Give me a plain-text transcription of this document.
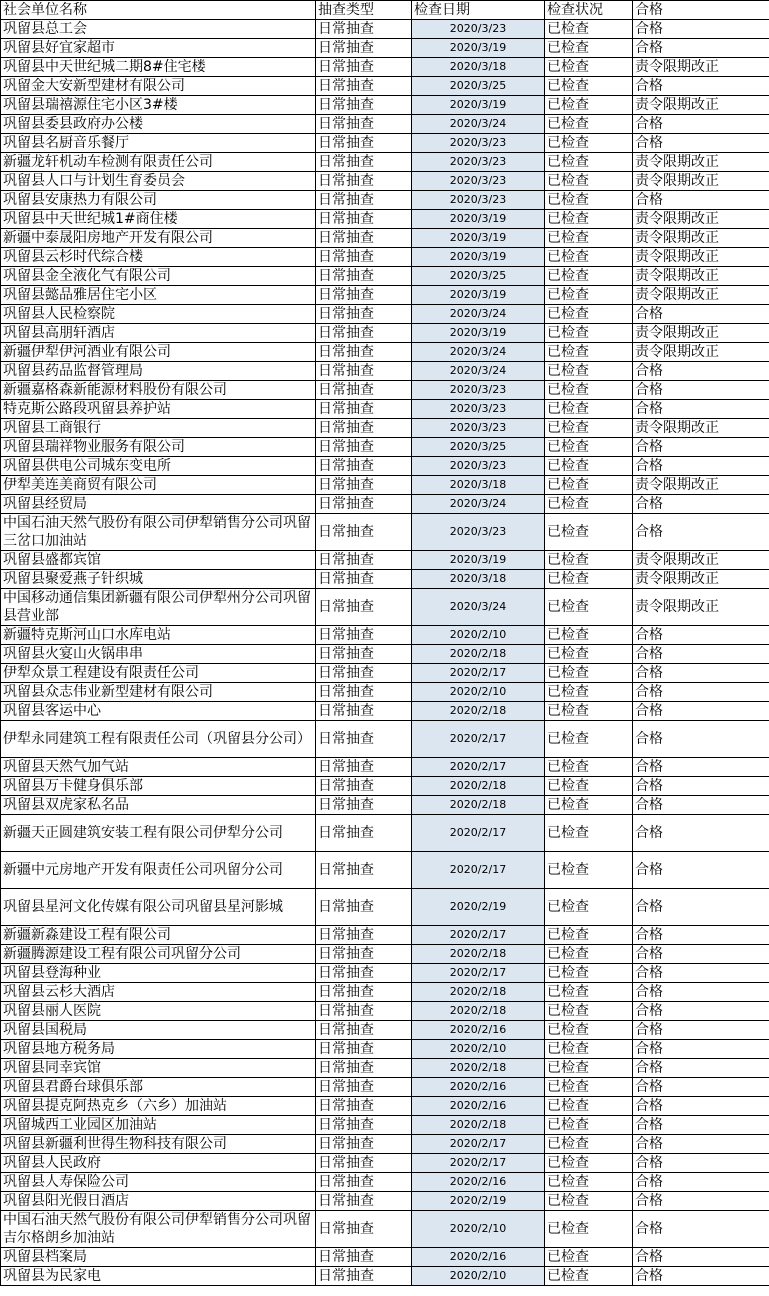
社会单位名称	抽查类型	检查日期	检查状况	合格
巩留县总工会	日常抽查	2020/3/23	已检查	合格
巩留县好宜家超市	日常抽查	2020/3/19	已检查	合格
巩留县中天世纪城二期8#住宅楼	日常抽查	2020/3/18	已检查	责令限期改正
巩留金大安新型建材有限公司	日常抽查	2020/3/25	已检查	合格
巩留县瑞禧源住宅小区3#楼	日常抽查	2020/3/19	已检查	责令限期改正
巩留县委县政府办公楼	日常抽查	2020/3/24	已检查	合格
巩留县名厨音乐餐厅	日常抽查	2020/3/23	已检查	合格
新疆龙轩机动车检测有限责任公司	日常抽查	2020/3/23	已检查	责令限期改正
巩留县人口与计划生育委员会	日常抽查	2020/3/23	已检查	责令限期改正
巩留县安康热力有限公司	日常抽查	2020/3/23	已检查	合格
巩留县中天世纪城1#商住楼	日常抽查	2020/3/19	已检查	责令限期改正
新疆中泰晟阳房地产开发有限公司	日常抽查	2020/3/19	已检查	责令限期改正
巩留县云杉时代综合楼	日常抽查	2020/3/19	已检查	责令限期改正
巩留县金全液化气有限公司	日常抽查	2020/3/25	已检查	责令限期改正
巩留县懿品雅居住宅小区	日常抽查	2020/3/19	已检查	责令限期改正
巩留县人民检察院	日常抽查	2020/3/24	已检查	合格
巩留县高朋轩酒店	日常抽查	2020/3/19	已检查	责令限期改正
新疆伊犁伊河酒业有限公司	日常抽查	2020/3/24	已检查	责令限期改正
巩留县药品监督管理局	日常抽查	2020/3/24	已检查	合格
新疆嘉格森新能源材料股份有限公司	日常抽查	2020/3/23	已检查	合格
特克斯公路段巩留县养护站	日常抽查	2020/3/23	已检查	合格
巩留县工商银行	日常抽查	2020/3/23	已检查	责令限期改正
巩留县瑞祥物业服务有限公司	日常抽查	2020/3/25	已检查	合格
巩留县供电公司城东变电所	日常抽查	2020/3/23	已检查	合格
伊犁美连美商贸有限公司	日常抽查	2020/3/18	已检查	责令限期改正
巩留县经贸局	日常抽查	2020/3/24	已检查	合格
中国石油天然气股份有限公司伊犁销售分公司巩留三岔口加油站	日常抽查	2020/3/23	已检查	合格
巩留县盛都宾馆	日常抽查	2020/3/19	已检查	责令限期改正
巩留县聚爱燕子针织城	日常抽查	2020/3/18	已检查	责令限期改正
中国移动通信集团新疆有限公司伊犁州分公司巩留县营业部	日常抽查	2020/3/24	已检查	责令限期改正
新疆特克斯河山口水库电站	日常抽查	2020/2/10	已检查	合格
巩留县火宴山火锅串串	日常抽查	2020/2/18	已检查	合格
伊犁众景工程建设有限责任公司	日常抽查	2020/2/17	已检查	合格
巩留县众志伟业新型建材有限公司	日常抽查	2020/2/10	已检查	合格
巩留县客运中心	日常抽查	2020/2/18	已检查	合格
伊犁永同建筑工程有限责任公司（巩留县分公司）	日常抽查	2020/2/17	已检查	合格
巩留县天然气加气站	日常抽查	2020/2/17	已检查	合格
巩留县万卡健身俱乐部	日常抽查	2020/2/18	已检查	合格
巩留县双虎家私名品	日常抽查	2020/2/18	已检查	合格
新疆天正圆建筑安装工程有限公司伊犁分公司	日常抽查	2020/2/17	已检查	合格
新疆中元房地产开发有限责任公司巩留分公司	日常抽查	2020/2/17	已检查	合格
巩留县星河文化传媒有限公司巩留县星河影城	日常抽查	2020/2/19	已检查	合格
新疆新淼建设工程有限公司	日常抽查	2020/2/17	已检查	合格
新疆腾源建设工程有限公司巩留分公司	日常抽查	2020/2/18	已检查	合格
巩留县登海种业	日常抽查	2020/2/17	已检查	合格
巩留县云杉大酒店	日常抽查	2020/2/18	已检查	合格
巩留县丽人医院	日常抽查	2020/2/18	已检查	合格
巩留县国税局	日常抽查	2020/2/16	已检查	合格
巩留县地方税务局	日常抽查	2020/2/10	已检查	合格
巩留县同幸宾馆	日常抽查	2020/2/18	已检查	合格
巩留县君爵台球俱乐部	日常抽查	2020/2/16	已检查	合格
巩留县提克阿热克乡（六乡）加油站	日常抽查	2020/2/16	已检查	合格
巩留城西工业园区加油站	日常抽查	2020/2/18	已检查	合格
巩留县新疆利世得生物科技有限公司	日常抽查	2020/2/17	已检查	合格
巩留县人民政府	日常抽查	2020/2/17	已检查	合格
巩留县人寿保险公司	日常抽查	2020/2/16	已检查	合格
巩留县阳光假日酒店	日常抽查	2020/2/19	已检查	合格
中国石油天然气股份有限公司伊犁销售分公司巩留吉尔格朗乡加油站	日常抽查	2020/2/10	已检查	合格
巩留县档案局	日常抽查	2020/2/16	已检查	合格
巩留县为民家电	日常抽查	2020/2/10	已检查	合格
